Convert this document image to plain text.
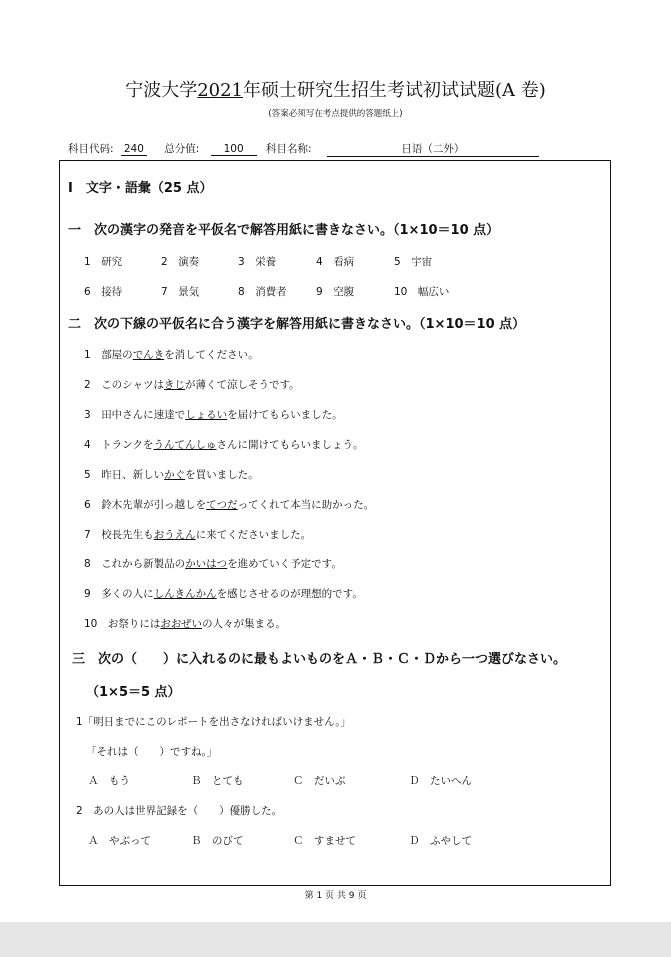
宁波大学2021年硕士研究生招生考试初试试题(A 卷)
(答案必须写在考点提供的答题纸上)
科目代码: 240 总分值: 100 科目名称:	日语（二外）
Ⅰ　文字・語彙（25 点）
一　次の漢字の発音を平仮名で解答用紙に書きなさい。（1×10＝10 点）
1　 研究	2　 演奏	3　 栄養	4　 看病	5　 宇宙
6　 接待	7　 景気	8　 消費者	9　 空腹	10　 幅広い
二　次の下線の平仮名に合う漢字を解答用紙に書きなさい。（1×10＝10 点）
1　 部屋のでんきを消してください。
2　 このシャツはきじが薄くて涼しそうです。
3　 田中さんに速達でしょるいを届けてもらいました。
4　 トランクをうんてんしゅさんに開けてもらいましょう。
5　 昨日、新しいかぐを買いました。
6　 鈴木先輩が引っ越しをてつだってくれて本当に助かった。
7　 校長先生もおうえんに来てくださいました。
8　 これから新製品のかいはつを進めていく予定です。
9　 多くの人にしんきんかんを感じさせるのが理想的です。
10　 お祭りにはおおぜいの人々が集まる。
三　次の（　　）に入れるのに最もよいものをＡ・Ｂ・Ｃ・Ｄから一つ選びなさい。
（1×5＝5 点）
1「明日までにこのレポートを出さなければいけません。」
「それは（　　）ですね。」
Ａ　もう	Ｂ　とても	Ｃ　だいぶ	Ｄ　たいへん
2　あの人は世界記録を（　　）優勝した。
Ａ　やぶって	Ｂ　のびて	Ｃ　すませて	Ｄ　ふやして
第 1 页 共 9 页
